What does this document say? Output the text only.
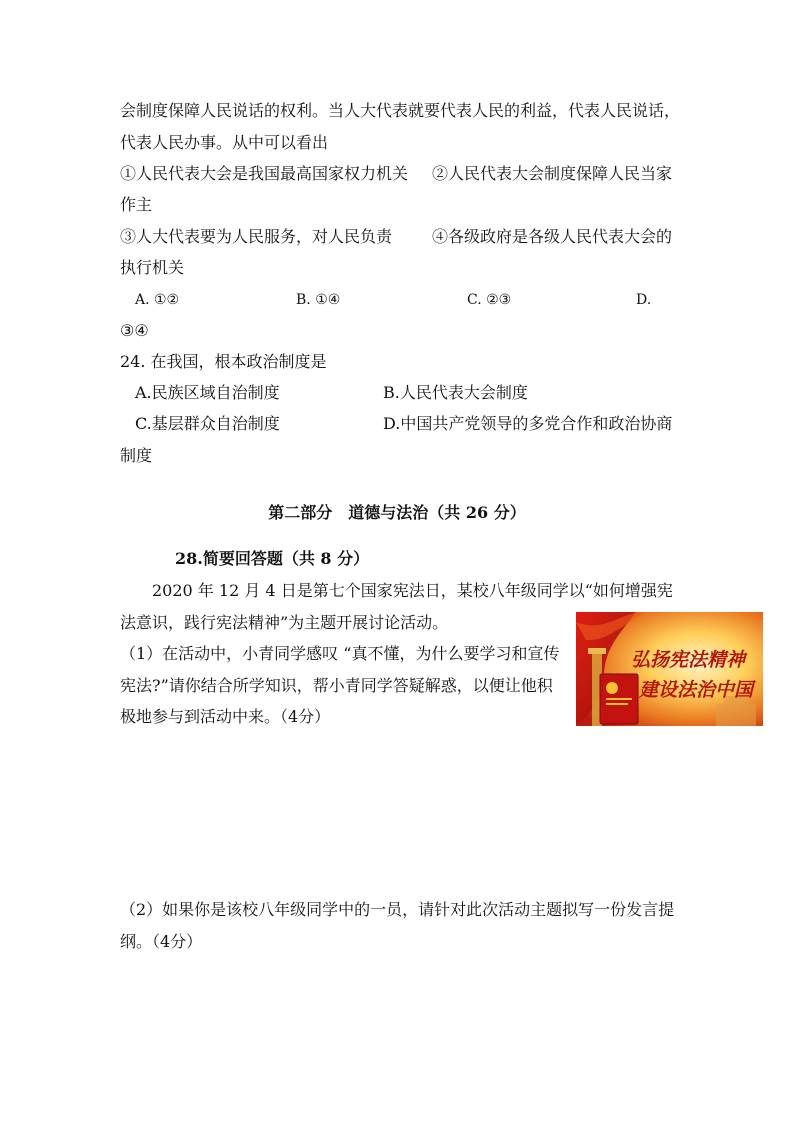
会制度保障人民说话的权利。当人大代表就要代表人民的利益，代表人民说话，
代表人民办事。从中可以看出
①人民代表大会是我国最高国家权力机关 ②人民代表大会制度保障人民当家
作主
③人大代表要为人民服务，对人民负责 ④各级政府是各级人民代表大会的
执行机关
A. ①②	B. ①④	C. ②③	D.
③④
24. 在我国，根本政治制度是
A.民族区域自治制度	B.人民代表大会制度
C.基层群众自治制度	D.中国共产党领导的多党合作和政治协商
制度
第二部分　道德与法治（共 26 分）
28.简要回答题（共 8 分）
2020 年 12 月 4 日是第七个国家宪法日，某校八年级同学以“如何增强宪
法意识，践行宪法精神”为主题开展讨论活动。
（1）在活动中，小青同学感叹 “真不懂，为什么要学习和宣传
宪法?”请你结合所学知识，帮小青同学答疑解惑，以便让他积
极地参与到活动中来。（4分）
弘扬宪法精神
建设法治中国
（2）如果你是该校八年级同学中的一员，请针对此次活动主题拟写一份发言提
纲。（4分）
